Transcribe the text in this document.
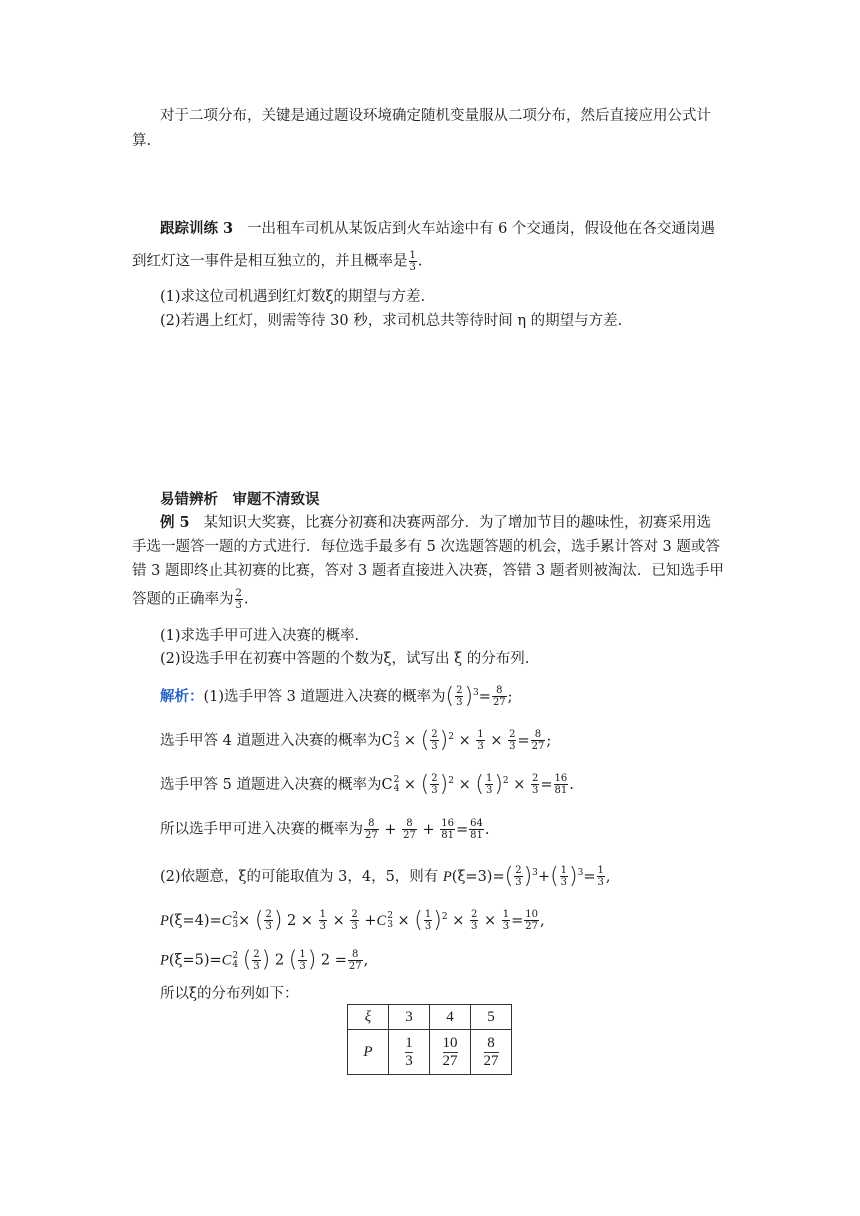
对于二项分布，关键是通过题设环境确定随机变量服从二项分布，然后直接应用公式计
算.
跟踪训练 3 一出租车司机从某饭店到火车站途中有 6 个交通岗，假设他在各交通岗遇
到红灯这一事件是相互独立的，并且概率是 $\frac{1}{3}$ .
(1)求这位司机遇到红灯数ξ的期望与方差.
(2)若遇上红灯，则需等待 30 秒，求司机总共等待时间 η 的期望与方差.
易错辨析　审题不清致误
例 5 某知识大奖赛，比赛分初赛和决赛两部分．为了增加节目的趣味性，初赛采用选
手选一题答一题的方式进行．每位选手最多有 5 次选题答题的机会，选手累计答对 3 题或答
错 3 题即终止其初赛的比赛，答对 3 题者直接进入决赛，答错 3 题者则被淘汰．已知选手甲
答题的正确率为 $\frac{2}{3}$ .
(1)求选手甲可进入决赛的概率.
(2)设选手甲在初赛中答题的个数为ξ，试写出 ξ 的分布列.
解析：(1)选手甲答 3 道题进入决赛的概率为( $\frac{2}{3} )^3= \frac{8}{27}$ ;
选手甲答 4 道题进入决赛的概率为C 2
3 × ( $\frac{2}{3} )^2 \times \frac{1}{3} \times \frac{2}{3} = \frac{8}{27}$ ;
选手甲答 5 道题进入决赛的概率为C 2
4 × ( $\frac{2}{3} )^2$ × ( $\frac{1}{3} )^2 \times \frac{2}{3} = \frac{16}{81}$ .
所以选手甲可进入决赛的概率为 $\frac{8}{27} + \frac{8}{27} + \frac{16}{81} = \frac{64}{81}$ .
(2)依题意，ξ的可能取值为 3，4，5，则有 $P(\xi=3)=( \frac{2}{3} )^3+( \frac{1}{3} )^3= \frac{1}{3}$ ,
P(ξ=4)=C 2
3 × ( $\frac{2}{3}$ ) $2 \times \frac{1}{3} \times \frac{2}{3} +C$ 2
3 × ( $\frac{1}{3} )^2 \times \frac{2}{3} \times \frac{1}{3} = \frac{10}{27}$ ,
P(ξ=5)=C 2
4 ( $\frac{2}{3}$ ) 2 ( $\frac{1}{3}$ ) $2 = \frac{8}{27}$ ,
所以ξ的分布列如下：
ξ	3	4	5
P	$\frac{1}{3}$	$\frac{10}{27}$	$\frac{8}{27}$
